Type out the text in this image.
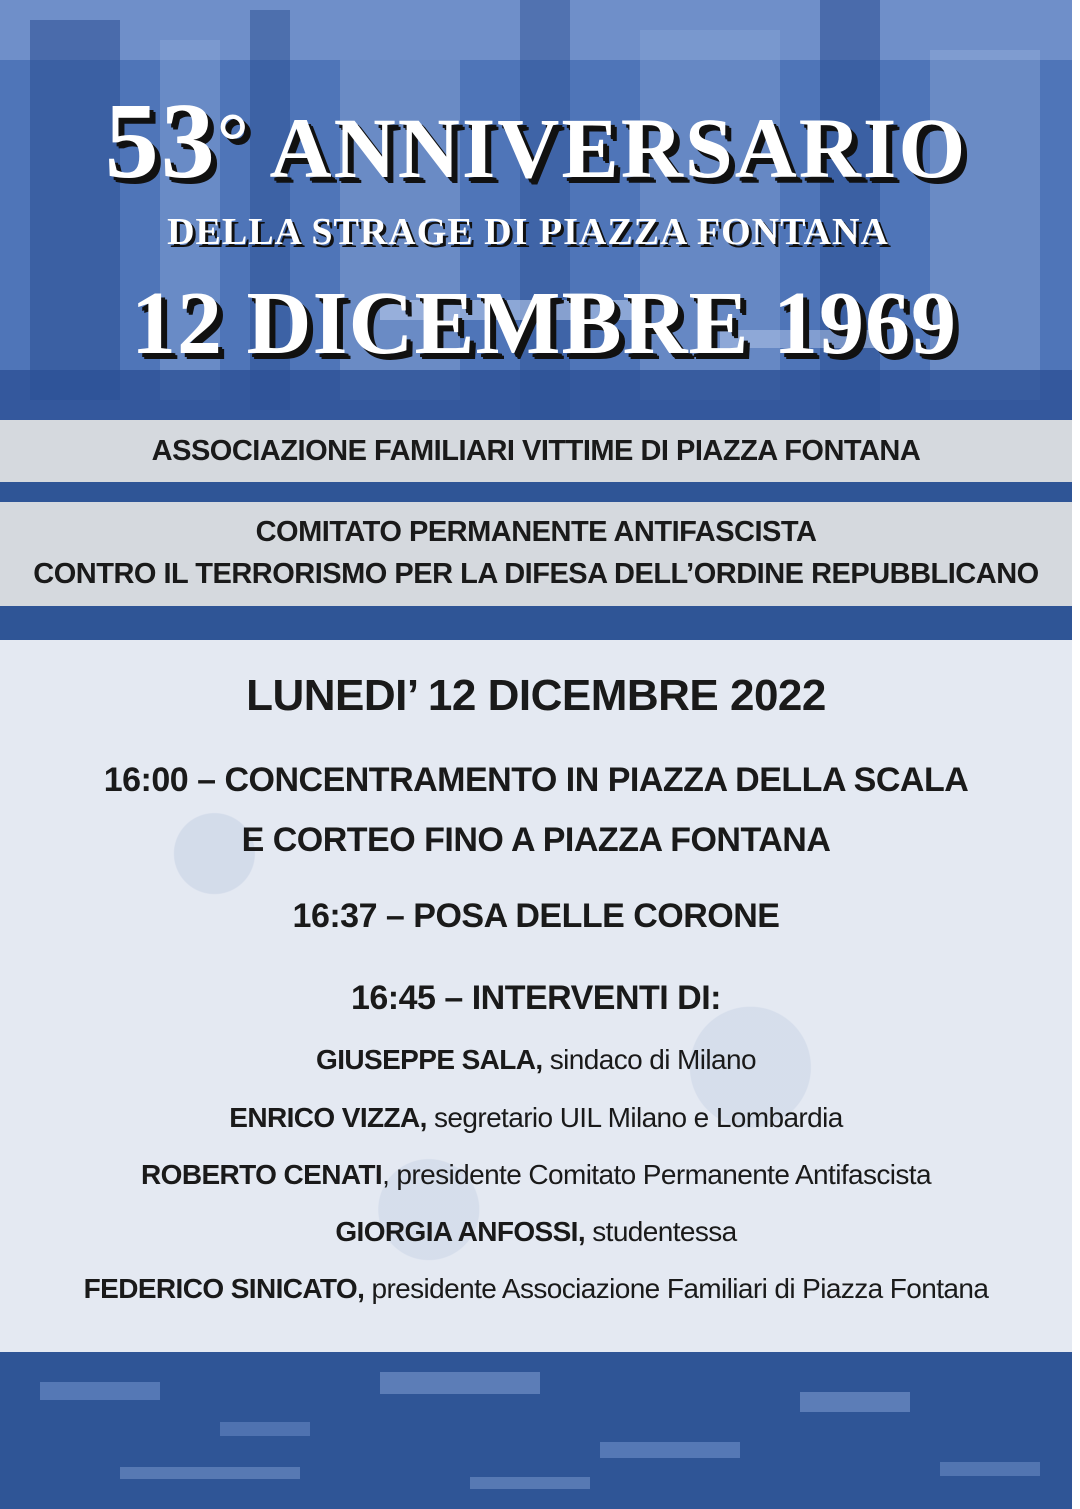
53° ANNIVERSARIO
DELLA STRAGE DI PIAZZA FONTANA
12 DICEMBRE 1969
ASSOCIAZIONE FAMILIARI VITTIME DI PIAZZA FONTANA
COMITATO PERMANENTE ANTIFASCISTA
CONTRO IL TERRORISMO PER LA DIFESA DELL’ORDINE REPUBBLICANO
LUNEDI’ 12 DICEMBRE 2022
16:00 – CONCENTRAMENTO IN PIAZZA DELLA SCALA
E CORTEO FINO A PIAZZA FONTANA
16:37 – POSA DELLE CORONE
16:45 – INTERVENTI DI:
GIUSEPPE SALA, sindaco di Milano
ENRICO VIZZA, segretario UIL Milano e Lombardia
ROBERTO CENATI, presidente Comitato Permanente Antifascista
GIORGIA ANFOSSI, studentessa
FEDERICO SINICATO, presidente Associazione Familiari di Piazza Fontana
